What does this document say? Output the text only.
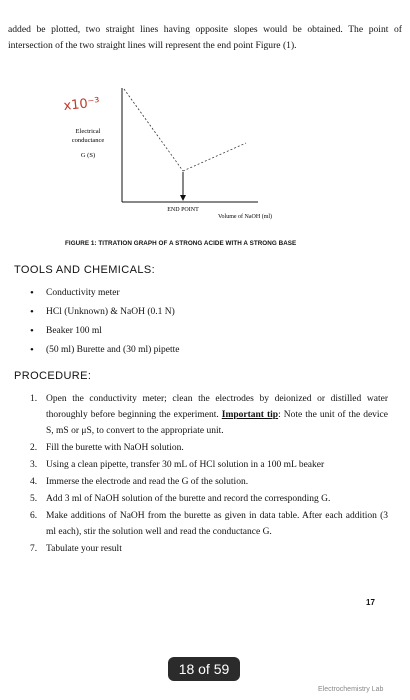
added be plotted, two straight lines having opposite slopes would be obtained. The point of intersection of the two straight lines will represent the end point Figure (1).

x10⁻³
Electrical
conductance
G (S)
END POINT
Volume of NaOH (ml)
FIGURE 1: TITRATION GRAPH OF A STRONG ACIDE WITH A STRONG BASE
TOOLS AND CHEMICALS:
• Conductivity meter
• HCl (Unknown) & NaOH (0.1 N)
• Beaker 100 ml
• (50 ml) Burette and (30 ml) pipette
PROCEDURE:
1. Open the conductivity meter; clean the electrodes by deionized or distilled water thoroughly before beginning the experiment. Important tip: Note the unit of the device S, mS or μS, to convert to the appropriate unit.
2. Fill the burette with NaOH solution.
3. Using a clean pipette, transfer 30 mL of HCl solution in a 100 mL beaker
4. Immerse the electrode and read the G of the solution.
5. Add 3 ml of NaOH solution of the burette and record the corresponding G.
6. Make additions of NaOH from the burette as given in data table. After each addition (3 ml each), stir the solution well and read the conductance G.
7. Tabulate your result
17
18 of 59
Electrochemistry Lab
